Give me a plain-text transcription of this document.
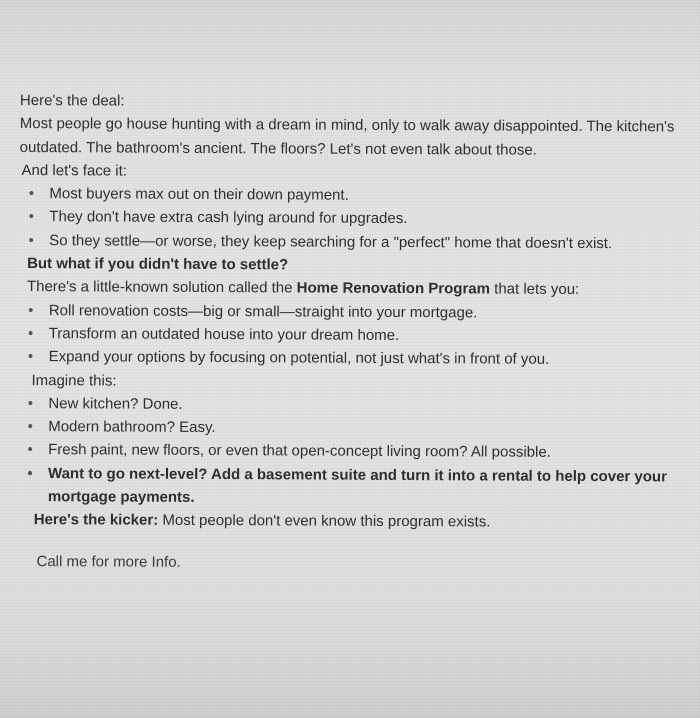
Here's the deal:

Most people go house hunting with a dream in mind, only to walk away disappointed. The kitchen's outdated. The bathroom's ancient. The floors? Let's not even talk about those.

And let's face it:

• Most buyers max out on their down payment.
• They don't have extra cash lying around for upgrades.
• So they settle—or worse, they keep searching for a "perfect" home that doesn't exist.

But what if you didn't have to settle?

There's a little-known solution called the Home Renovation Program that lets you:

• Roll renovation costs—big or small—straight into your mortgage.
• Transform an outdated house into your dream home.
• Expand your options by focusing on potential, not just what's in front of you.

Imagine this:

• New kitchen? Done.
• Modern bathroom? Easy.
• Fresh paint, new floors, or even that open-concept living room? All possible.
• Want to go next-level? Add a basement suite and turn it into a rental to help cover your mortgage payments.

Here's the kicker: Most people don't even know this program exists.

Call me for more Info.
